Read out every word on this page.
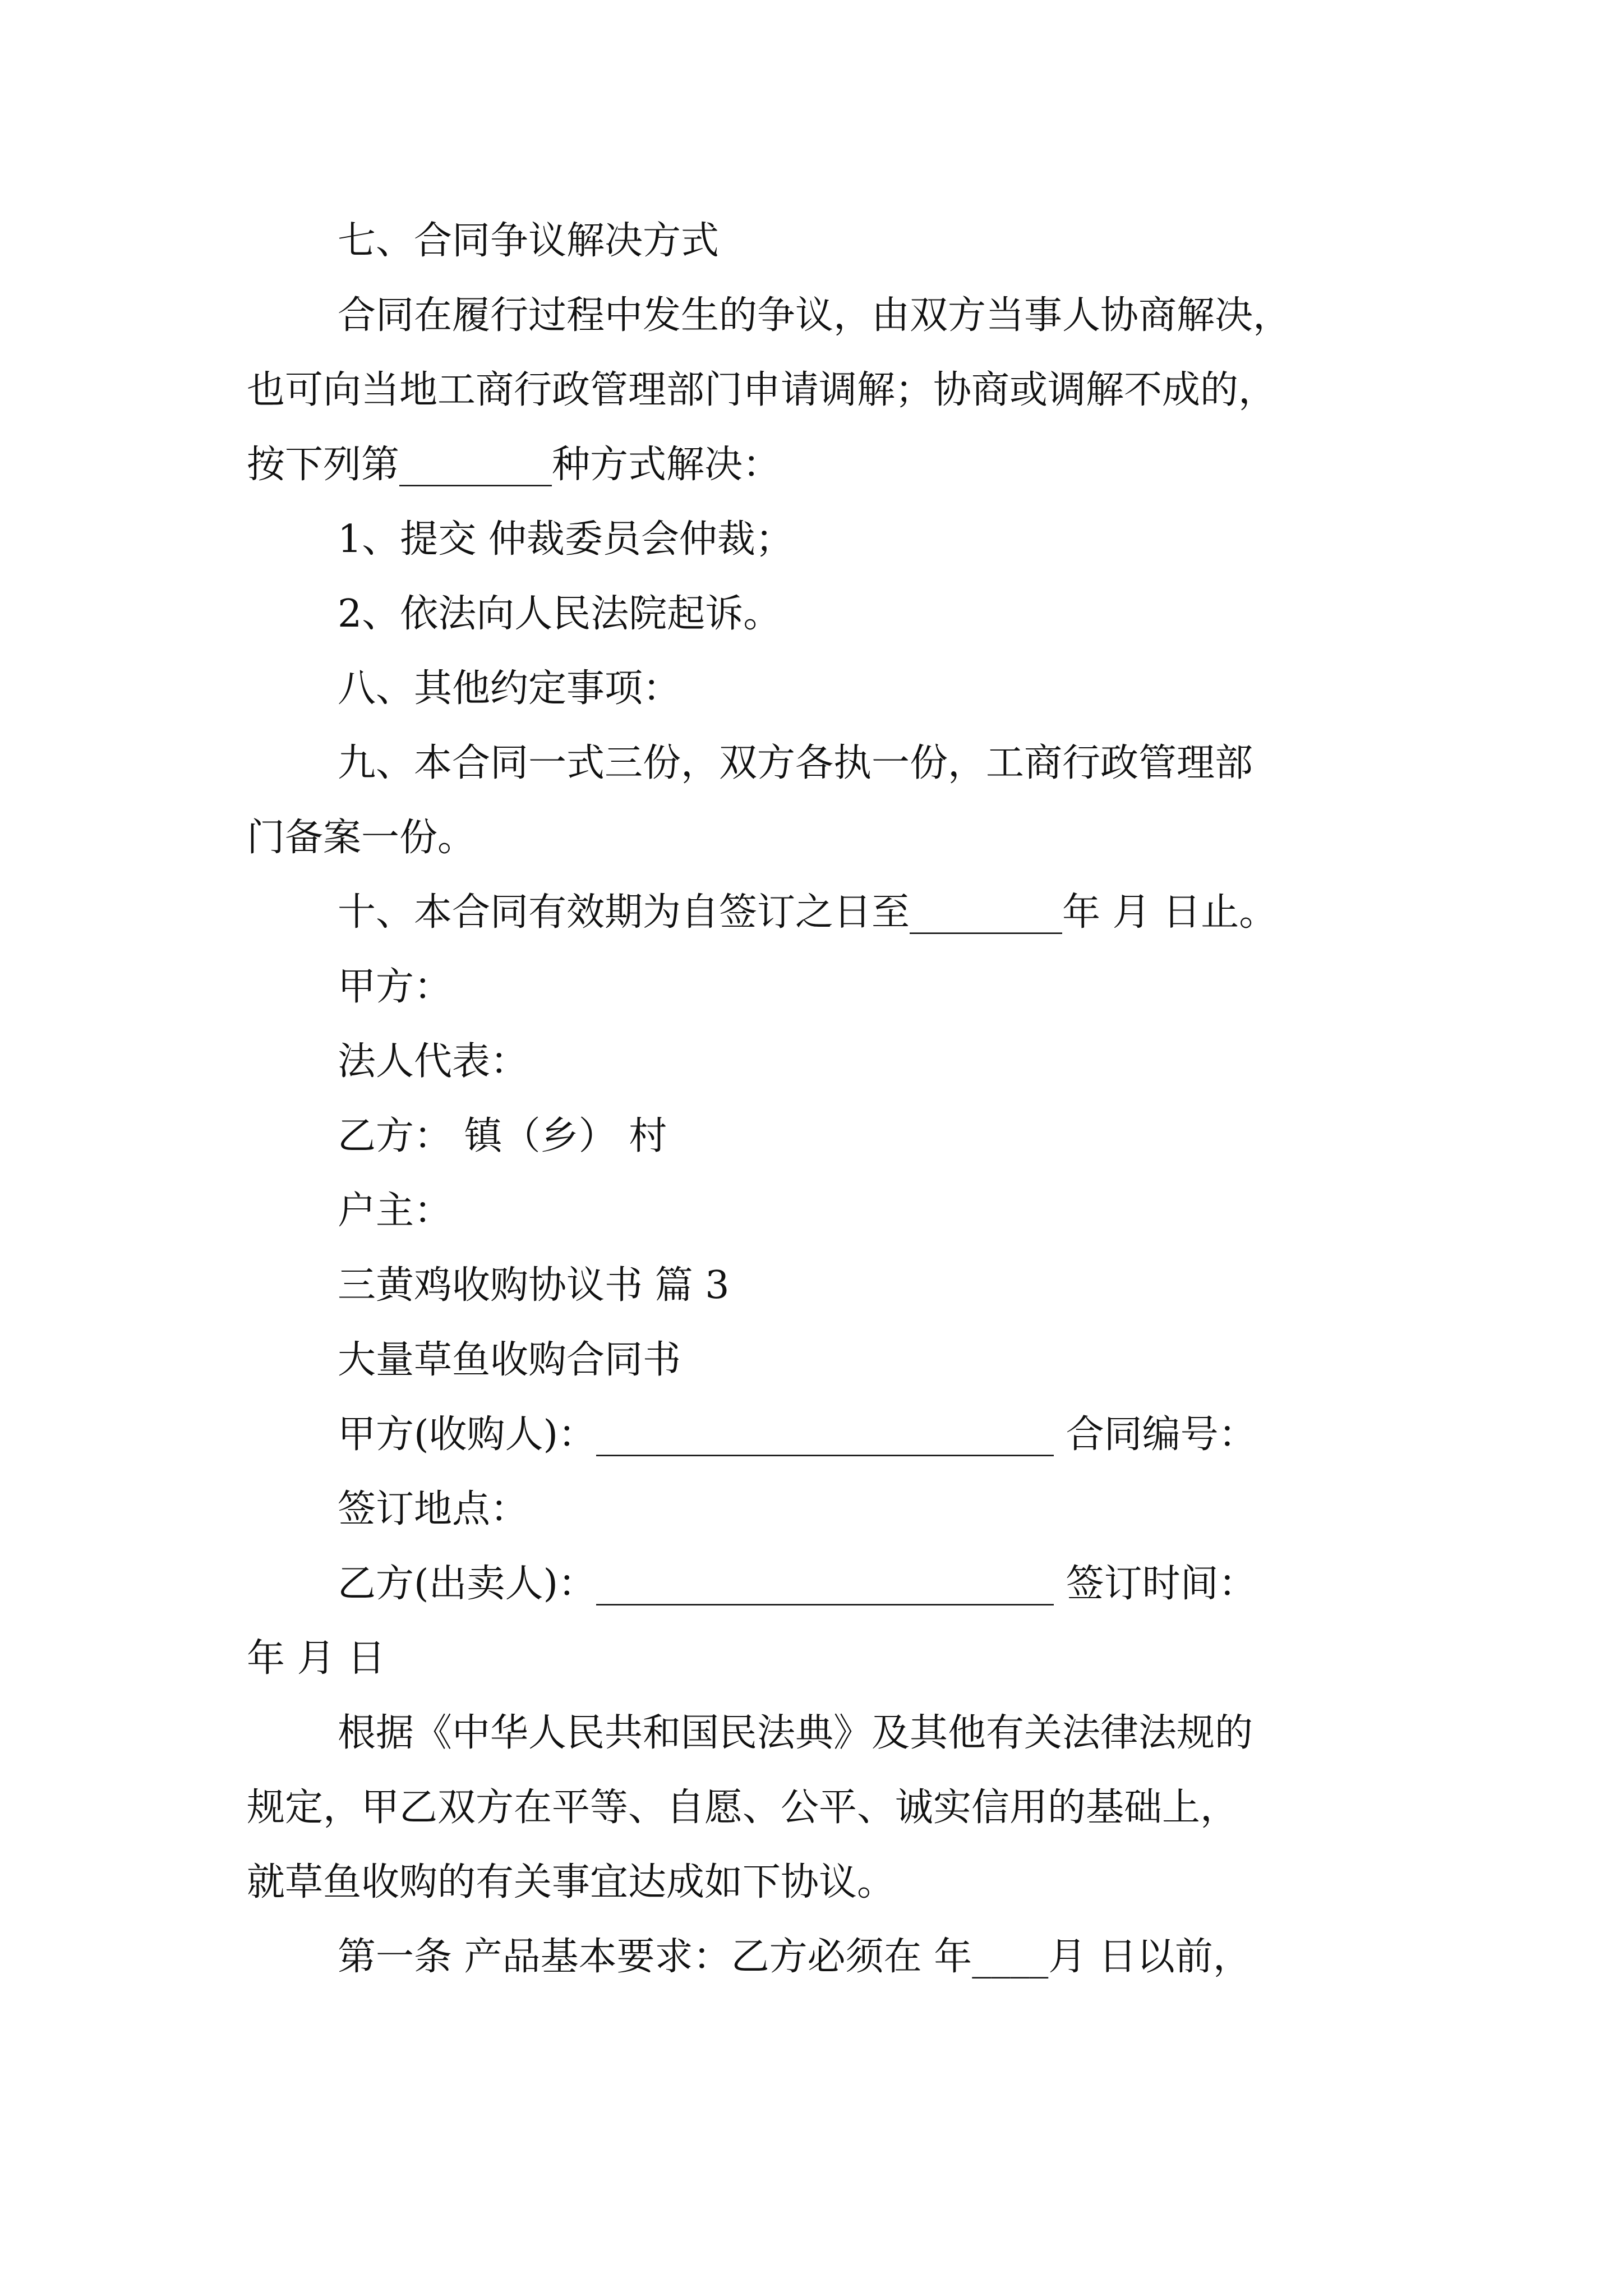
七、合同争议解决方式
合同在履行过程中发生的争议，由双方当事人协商解决，
也可向当地工商行政管理部门申请调解；协商或调解不成的，
按下列第________种方式解决：
1、提交 仲裁委员会仲裁；
2、依法向人民法院起诉。
八、其他约定事项：
九、本合同一式三份，双方各执一份，工商行政管理部
门备案一份。
十、本合同有效期为自签订之日至________年 月 日止。
甲方：
法人代表：
乙方： 镇（乡） 村
户主：
三黄鸡收购协议书 篇 3
大量草鱼收购合同书
甲方(收购人)：________________________ 合同编号：
签订地点：
乙方(出卖人)：________________________ 签订时间：
年 月 日
根据《中华人民共和国民法典》及其他有关法律法规的
规定，甲乙双方在平等、自愿、公平、诚实信用的基础上，
就草鱼收购的有关事宜达成如下协议。
第一条 产品基本要求：乙方必须在 年____月 日以前，
